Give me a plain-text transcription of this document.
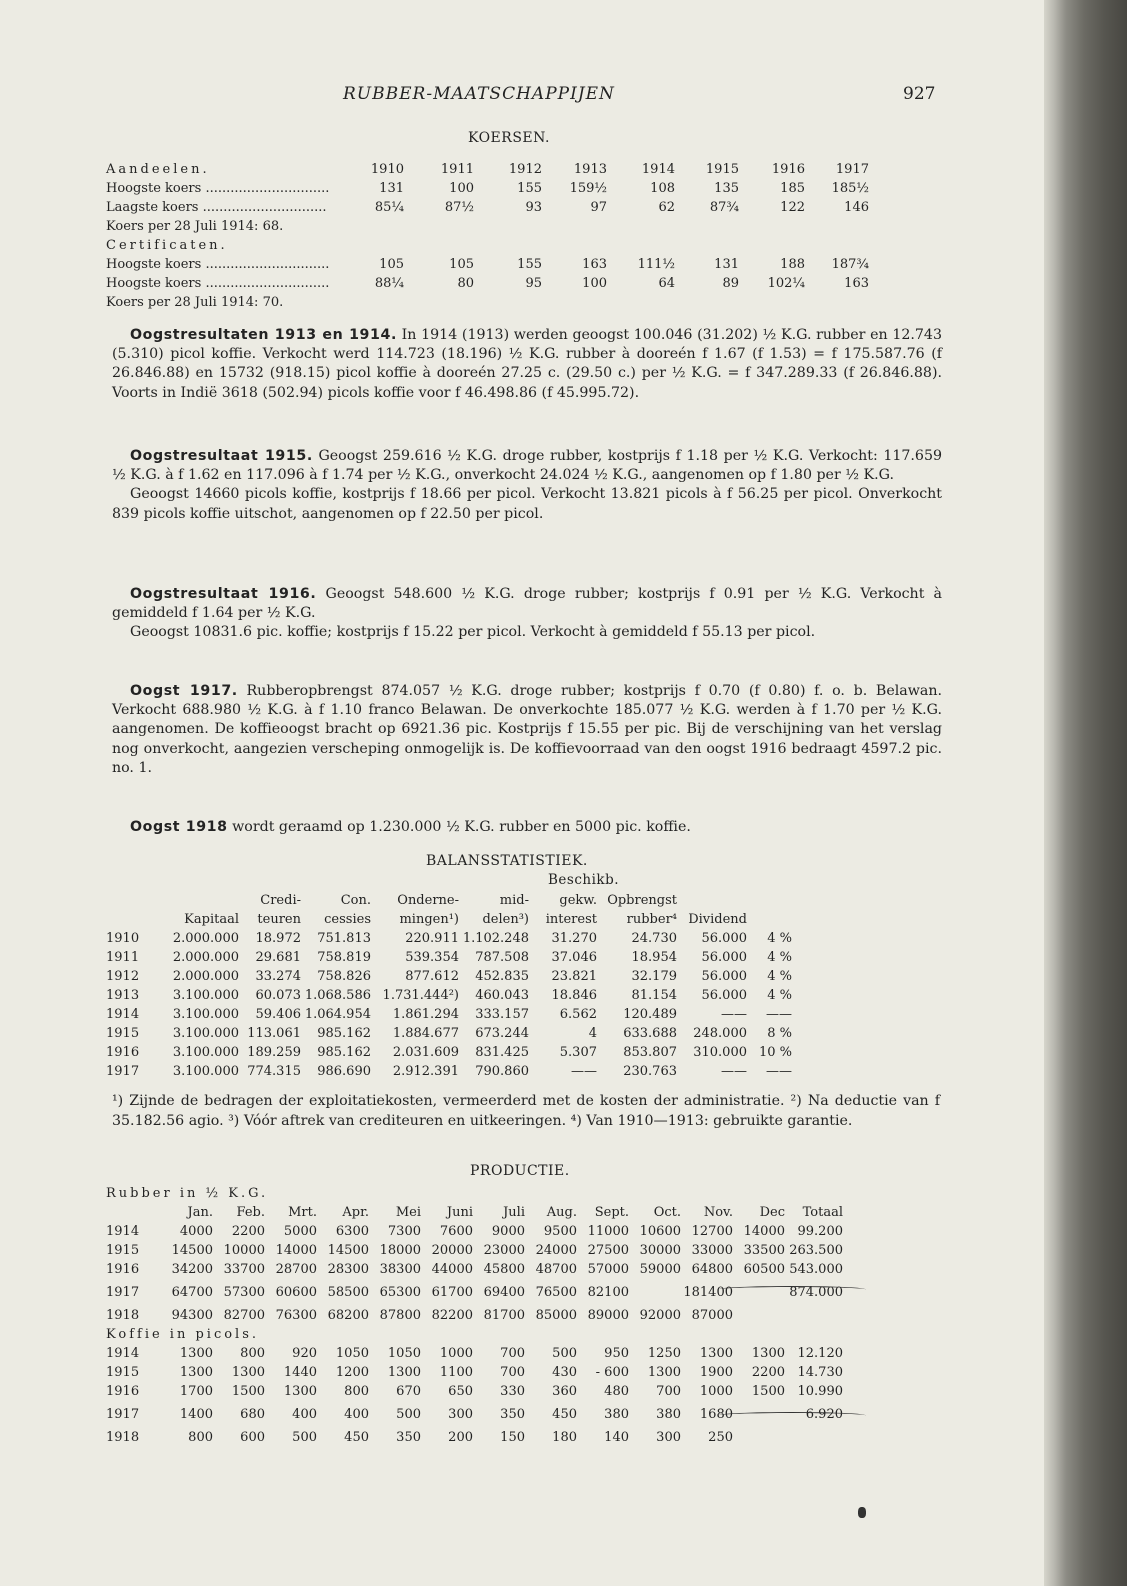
RUBBER-MAATSCHAPPIJEN	927
KOERSEN.
Aandeelen.	1910	1911	1912	1913	1914	1915	1916	1917
Hoogste koers ..............................	131	100	155	159½	108	135	185	185½
Laagste koers ..............................	85¼	87½	93	97	62	87¾	122	146
Koers per 28 Juli 1914: 68.								
Certificaten.								
Hoogste koers ..............................	105	105	155	163	111½	131	188	187¾
Hoogste koers ..............................	88¼	80	95	100	64	89	102¼	163
Koers per 28 Juli 1914: 70.								

Oogstresultaten 1913 en 1914. In 1914 (1913) werden geoogst 100.046 (31.202) ½ K.G. rubber en 12.743 (5.310) picol koffie. Verkocht werd 114.723 (18.196) ½ K.G. rubber à dooreén f 1.67 (f 1.53) = f 175.587.76 (f 26.846.88) en 15732 (918.15) picol koffie à dooreén 27.25 c. (29.50 c.) per ½ K.G. = f 347.289.33 (f 26.846.88). Voorts in Indië 3618 (502.94) picols koffie voor f 46.498.86 (f 45.995.72).

Oogstresultaat 1915. Geoogst 259.616 ½ K.G. droge rubber, kostprijs f 1.18 per ½ K.G. Verkocht: 117.659 ½ K.G. à f 1.62 en 117.096 à f 1.74 per ½ K.G., onverkocht 24.024 ½ K.G., aangenomen op f 1.80 per ½ K.G.

Geoogst 14660 picols koffie, kostprijs f 18.66 per picol. Verkocht 13.821 picols à f 56.25 per picol. Onverkocht 839 picols koffie uitschot, aangenomen op f 22.50 per picol.

Oogstresultaat 1916. Geoogst 548.600 ½ K.G. droge rubber; kostprijs f 0.91 per ½ K.G. Verkocht à gemiddeld f 1.64 per ½ K.G.

Geoogst 10831.6 pic. koffie; kostprijs f 15.22 per picol. Verkocht à gemiddeld f 55.13 per picol.

Oogst 1917. Rubberopbrengst 874.057 ½ K.G. droge rubber; kostprijs f 0.70 (f 0.80) f. o. b. Belawan. Verkocht 688.980 ½ K.G. à f 1.10 franco Belawan. De onverkochte 185.077 ½ K.G. werden à f 1.70 per ½ K.G. aangenomen. De koffieoogst bracht op 6921.36 pic. Kostprijs f 15.55 per pic. Bij de verschijning van het verslag nog onverkocht, aangezien verscheping onmogelijk is. De koffievoorraad van den oogst 1916 bedraagt 4597.2 pic. no. 1.

Oogst 1918 wordt geraamd op 1.230.000 ½ K.G. rubber en 5000 pic. koffie.

BALANSSTATISTIEK.
Beschikb.
		Credi-	Con.	Onderne-	mid-	gekw.	Opbrengst		
	Kapitaal	teuren	cessies	mingen¹)	delen³)	interest	rubber⁴	Dividend	
1910	2.000.000	18.972	751.813	220.911	1.102.248	31.270	24.730	56.000	4 %
1911	2.000.000	29.681	758.819	539.354	787.508	37.046	18.954	56.000	4 %
1912	2.000.000	33.274	758.826	877.612	452.835	23.821	32.179	56.000	4 %
1913	3.100.000	60.073	1.068.586	1.731.444²)	460.043	18.846	81.154	56.000	4 %
1914	3.100.000	59.406	1.064.954	1.861.294	333.157	6.562	120.489	——	——
1915	3.100.000	113.061	985.162	1.884.677	673.244	4	633.688	248.000	8 %
1916	3.100.000	189.259	985.162	2.031.609	831.425	5.307	853.807	310.000	10 %
1917	3.100.000	774.315	986.690	2.912.391	790.860	——	230.763	——	——
¹) Zijnde de bedragen der exploitatiekosten, vermeerderd met de kosten der administratie. ²) Na deductie van f 35.182.56 agio. ³) Vóór aftrek van crediteuren en uitkeeringen. ⁴) Van 1910—1913: gebruikte garantie.
PRODUCTIE.
Rubber in ½ K.G.													
	Jan.	Feb.	Mrt.	Apr.	Mei	Juni	Juli	Aug.	Sept.	Oct.	Nov.	Dec	Totaal
1914	4000	2200	5000	6300	7300	7600	9000	9500	11000	10600	12700	14000	99.200
1915	14500	10000	14000	14500	18000	20000	23000	24000	27500	30000	33000	33500	263.500
1916	34200	33700	28700	28300	38300	44000	45800	48700	57000	59000	64800	60500	543.000
1917	64700	57300	60600	58500	65300	61700	69400	76500	82100		181400		874.000
1918	94300	82700	76300	68200	87800	82200	81700	85000	89000	92000	87000		
Koffie in picols.													
1914	1300	800	920	1050	1050	1000	700	500	950	1250	1300	1300	12.120
1915	1300	1300	1440	1200	1300	1100	700	430	- 600	1300	1900	2200	14.730
1916	1700	1500	1300	800	670	650	330	360	480	700	1000	1500	10.990
1917	1400	680	400	400	500	300	350	450	380	380	1680		6.920
1918	800	600	500	450	350	200	150	180	140	300	250		
